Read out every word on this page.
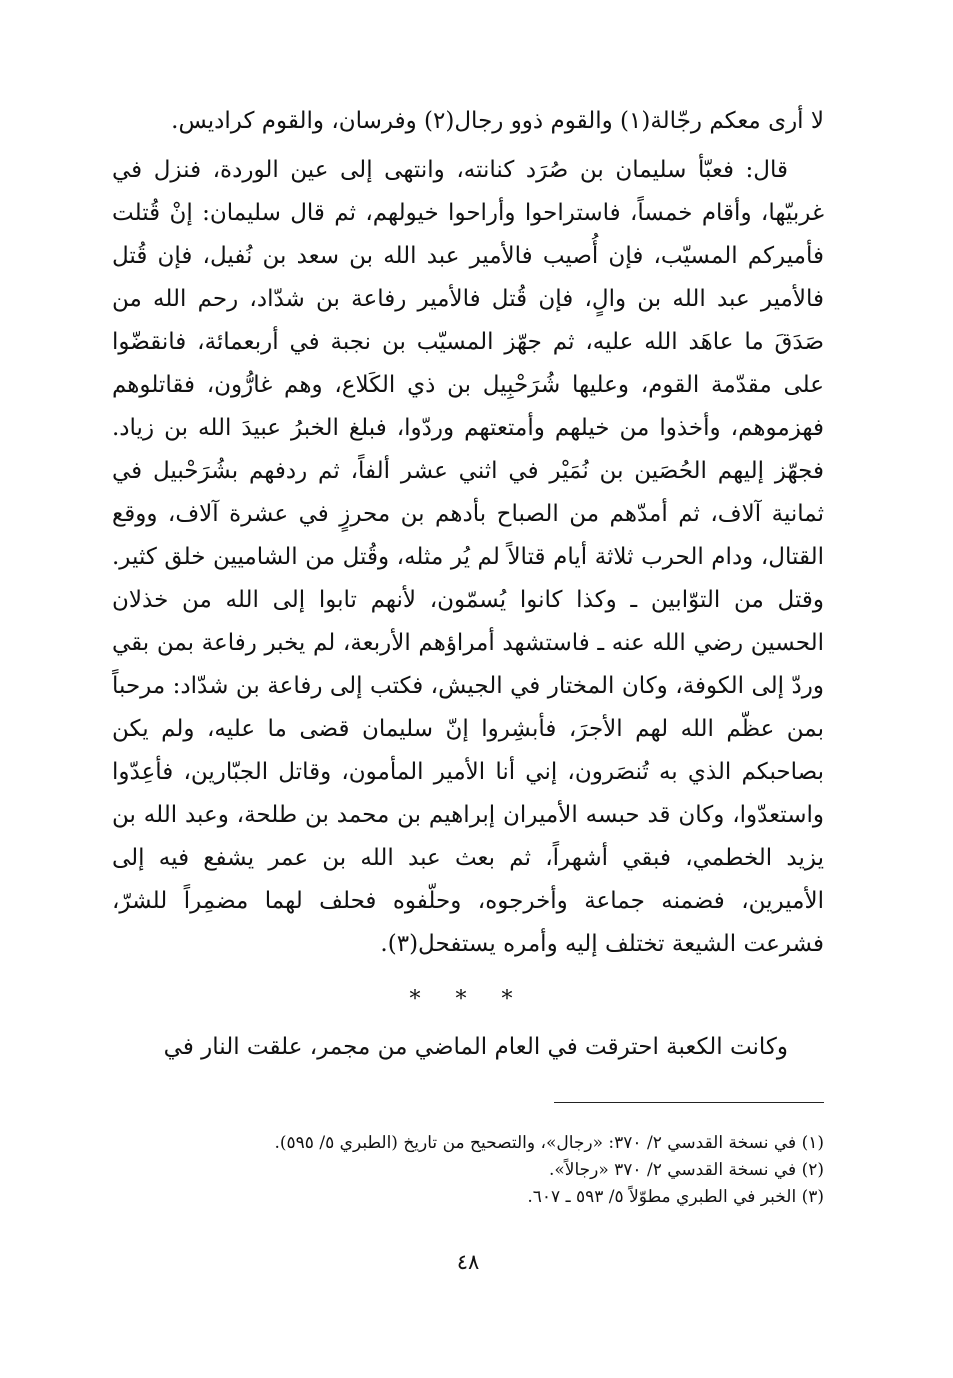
لا أرى معكم رجّالة(١) والقوم ذوو رجال(٢) وفرسان، والقوم كراديس.

قال: فعبّأ سليمان بن صُرَد كنانته، وانتهى إلى عين الوردة، فنزل في غربيّها، وأقام خمساً، فاستراحوا وأراحوا خيولهم، ثم قال سليمان: إنْ قُتلت فأميركم المسيّب، فإن أُصيب فالأمير عبد الله بن سعد بن نُفيل، فإن قُتل فالأمير عبد الله بن والٍ، فإن قُتل فالأمير رفاعة بن شدّاد، رحم الله من صَدَقَ ما عاهَد الله عليه، ثم جهّز المسيّب بن نجبة في أربعمائة، فانقضّوا على مقدّمة القوم، وعليها شُرَحْبِيل بن ذي الكَلاع، وهم غارُّون، فقاتلوهم فهزموهم، وأخذوا من خيلهم وأمتعتهم وردّوا، فبلغ الخبرُ عبيدَ الله بن زياد. فجهّز إليهم الحُصَين بن نُمَيْر في اثني عشر ألفاً، ثم ردفهم بشُرَحْبيل في ثمانية آلاف، ثم أمدّهم من الصباح بأدهم بن محرزٍ في عشرة آلاف، ووقع القتال، ودام الحرب ثلاثة أيام قتالاً لم يُر مثله، وقُتل من الشاميين خلق كثير. وقتل من التوّابين ـ وكذا كانوا يُسمّون، لأنهم تابوا إلى الله من خذلان الحسين رضي الله عنه ـ فاستشهد أمراؤهم الأربعة، لم يخبر رفاعة بمن بقي وردّ إلى الكوفة، وكان المختار في الجيش، فكتب إلى رفاعة بن شدّاد: مرحباً بمن عظّم الله لهم الأجرَ، فأبشِروا إنّ سليمان قضى ما عليه، ولم يكن بصاحبكم الذي به تُنصَرون، إني أنا الأمير المأمون، وقاتل الجبّارين، فأعِدّوا واستعدّوا، وكان قد حبسه الأميران إبراهيم بن محمد بن طلحة، وعبد الله بن يزيد الخطمي، فبقي أشهراً، ثم بعث عبد الله بن عمر يشفع فيه إلى الأميرين، فضمنه جماعة وأخرجوه، وحلّفوه فحلف لهما مضمِراً للشرّ، فشرعت الشيعة تختلف إليه وأمره يستفحل(٣).

* * *

وكانت الكعبة احترقت في العام الماضي من مجمر، علقت النار في

(١) في نسخة القدسي ٢/ ٣٧٠: «رجال»، والتصحيح من تاريخ (الطبري ٥/ ٥٩٥).

(٢) في نسخة القدسي ٢/ ٣٧٠ «رجالاً».

(٣) الخبر في الطبري مطوّلاً ٥/ ٥٩٣ ـ ٦٠٧.

٤٨
